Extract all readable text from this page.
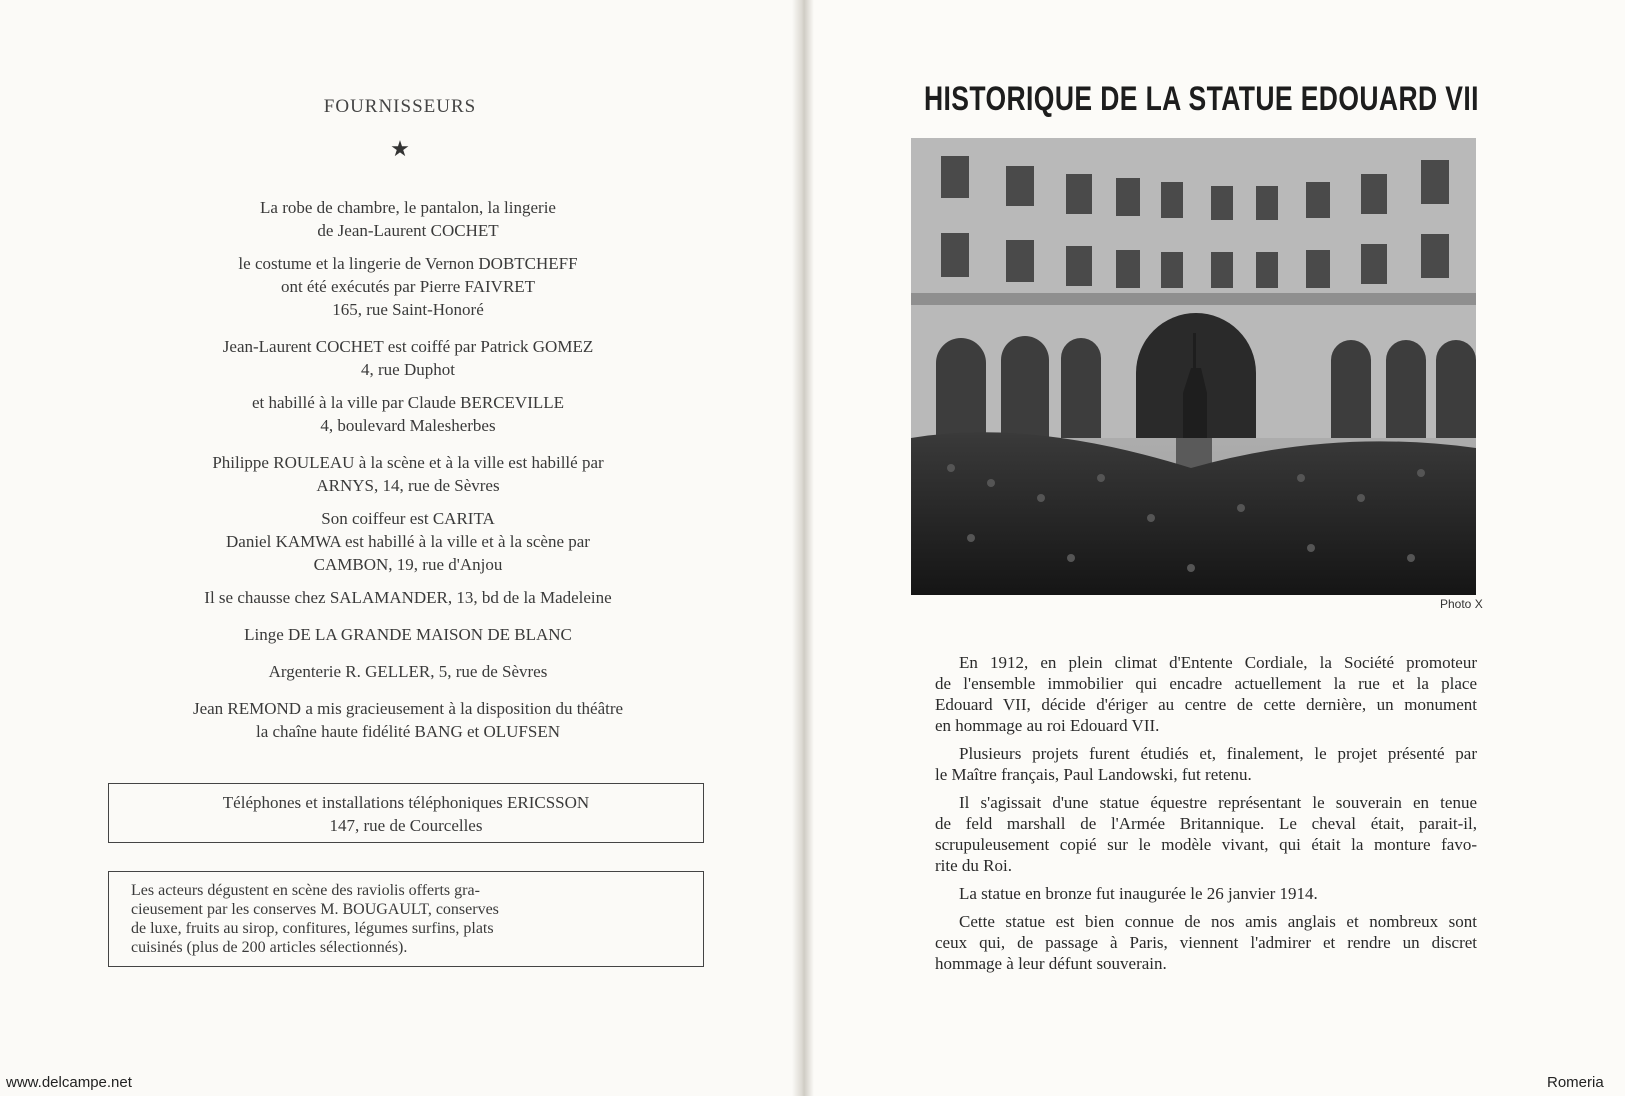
FOURNISSEURS
★
La robe de chambre, le pantalon, la lingerie
de Jean-Laurent COCHET
le costume et la lingerie de Vernon DOBTCHEFF
ont été exécutés par Pierre FAIVRET
165, rue Saint-Honoré
Jean-Laurent COCHET est coiffé par Patrick GOMEZ
4, rue Duphot
et habillé à la ville par Claude BERCEVILLE
4, boulevard Malesherbes
Philippe ROULEAU à la scène et à la ville est habillé par
ARNYS, 14, rue de Sèvres
Son coiffeur est CARITA
Daniel KAMWA est habillé à la ville et à la scène par
CAMBON, 19, rue d'Anjou
Il se chausse chez SALAMANDER, 13, bd de la Madeleine
Linge DE LA GRANDE MAISON DE BLANC
Argenterie R. GELLER, 5, rue de Sèvres
Jean REMOND a mis gracieusement à la disposition du théâtre
la chaîne haute fidélité BANG et OLUFSEN
Téléphones et installations téléphoniques ERICSSON
147, rue de Courcelles
Les acteurs dégustent en scène des raviolis offerts gra-
cieusement par les conserves M. BOUGAULT, conserves
de luxe, fruits au sirop, confitures, légumes surfins, plats
cuisinés (plus de 200 articles sélectionnés).
www.delcampe.net
HISTORIQUE DE LA STATUE EDOUARD VII
Photo X

En 1912, en plein climat d'Entente Cordiale, la Société promoteur
de l'ensemble immobilier qui encadre actuellement la rue et la place
Edouard VII, décide d'ériger au centre de cette dernière, un monument
en hommage au roi Edouard VII.

Plusieurs projets furent étudiés et, finalement, le projet présenté par
le Maître français, Paul Landowski, fut retenu.

Il s'agissait d'une statue équestre représentant le souverain en tenue
de feld marshall de l'Armée Britannique. Le cheval était, parait-il,
scrupuleusement copié sur le modèle vivant, qui était la monture favo-
rite du Roi.

La statue en bronze fut inaugurée le 26 janvier 1914.

Cette statue est bien connue de nos amis anglais et nombreux sont
ceux qui, de passage à Paris, viennent l'admirer et rendre un discret
hommage à leur défunt souverain.

Romeria
